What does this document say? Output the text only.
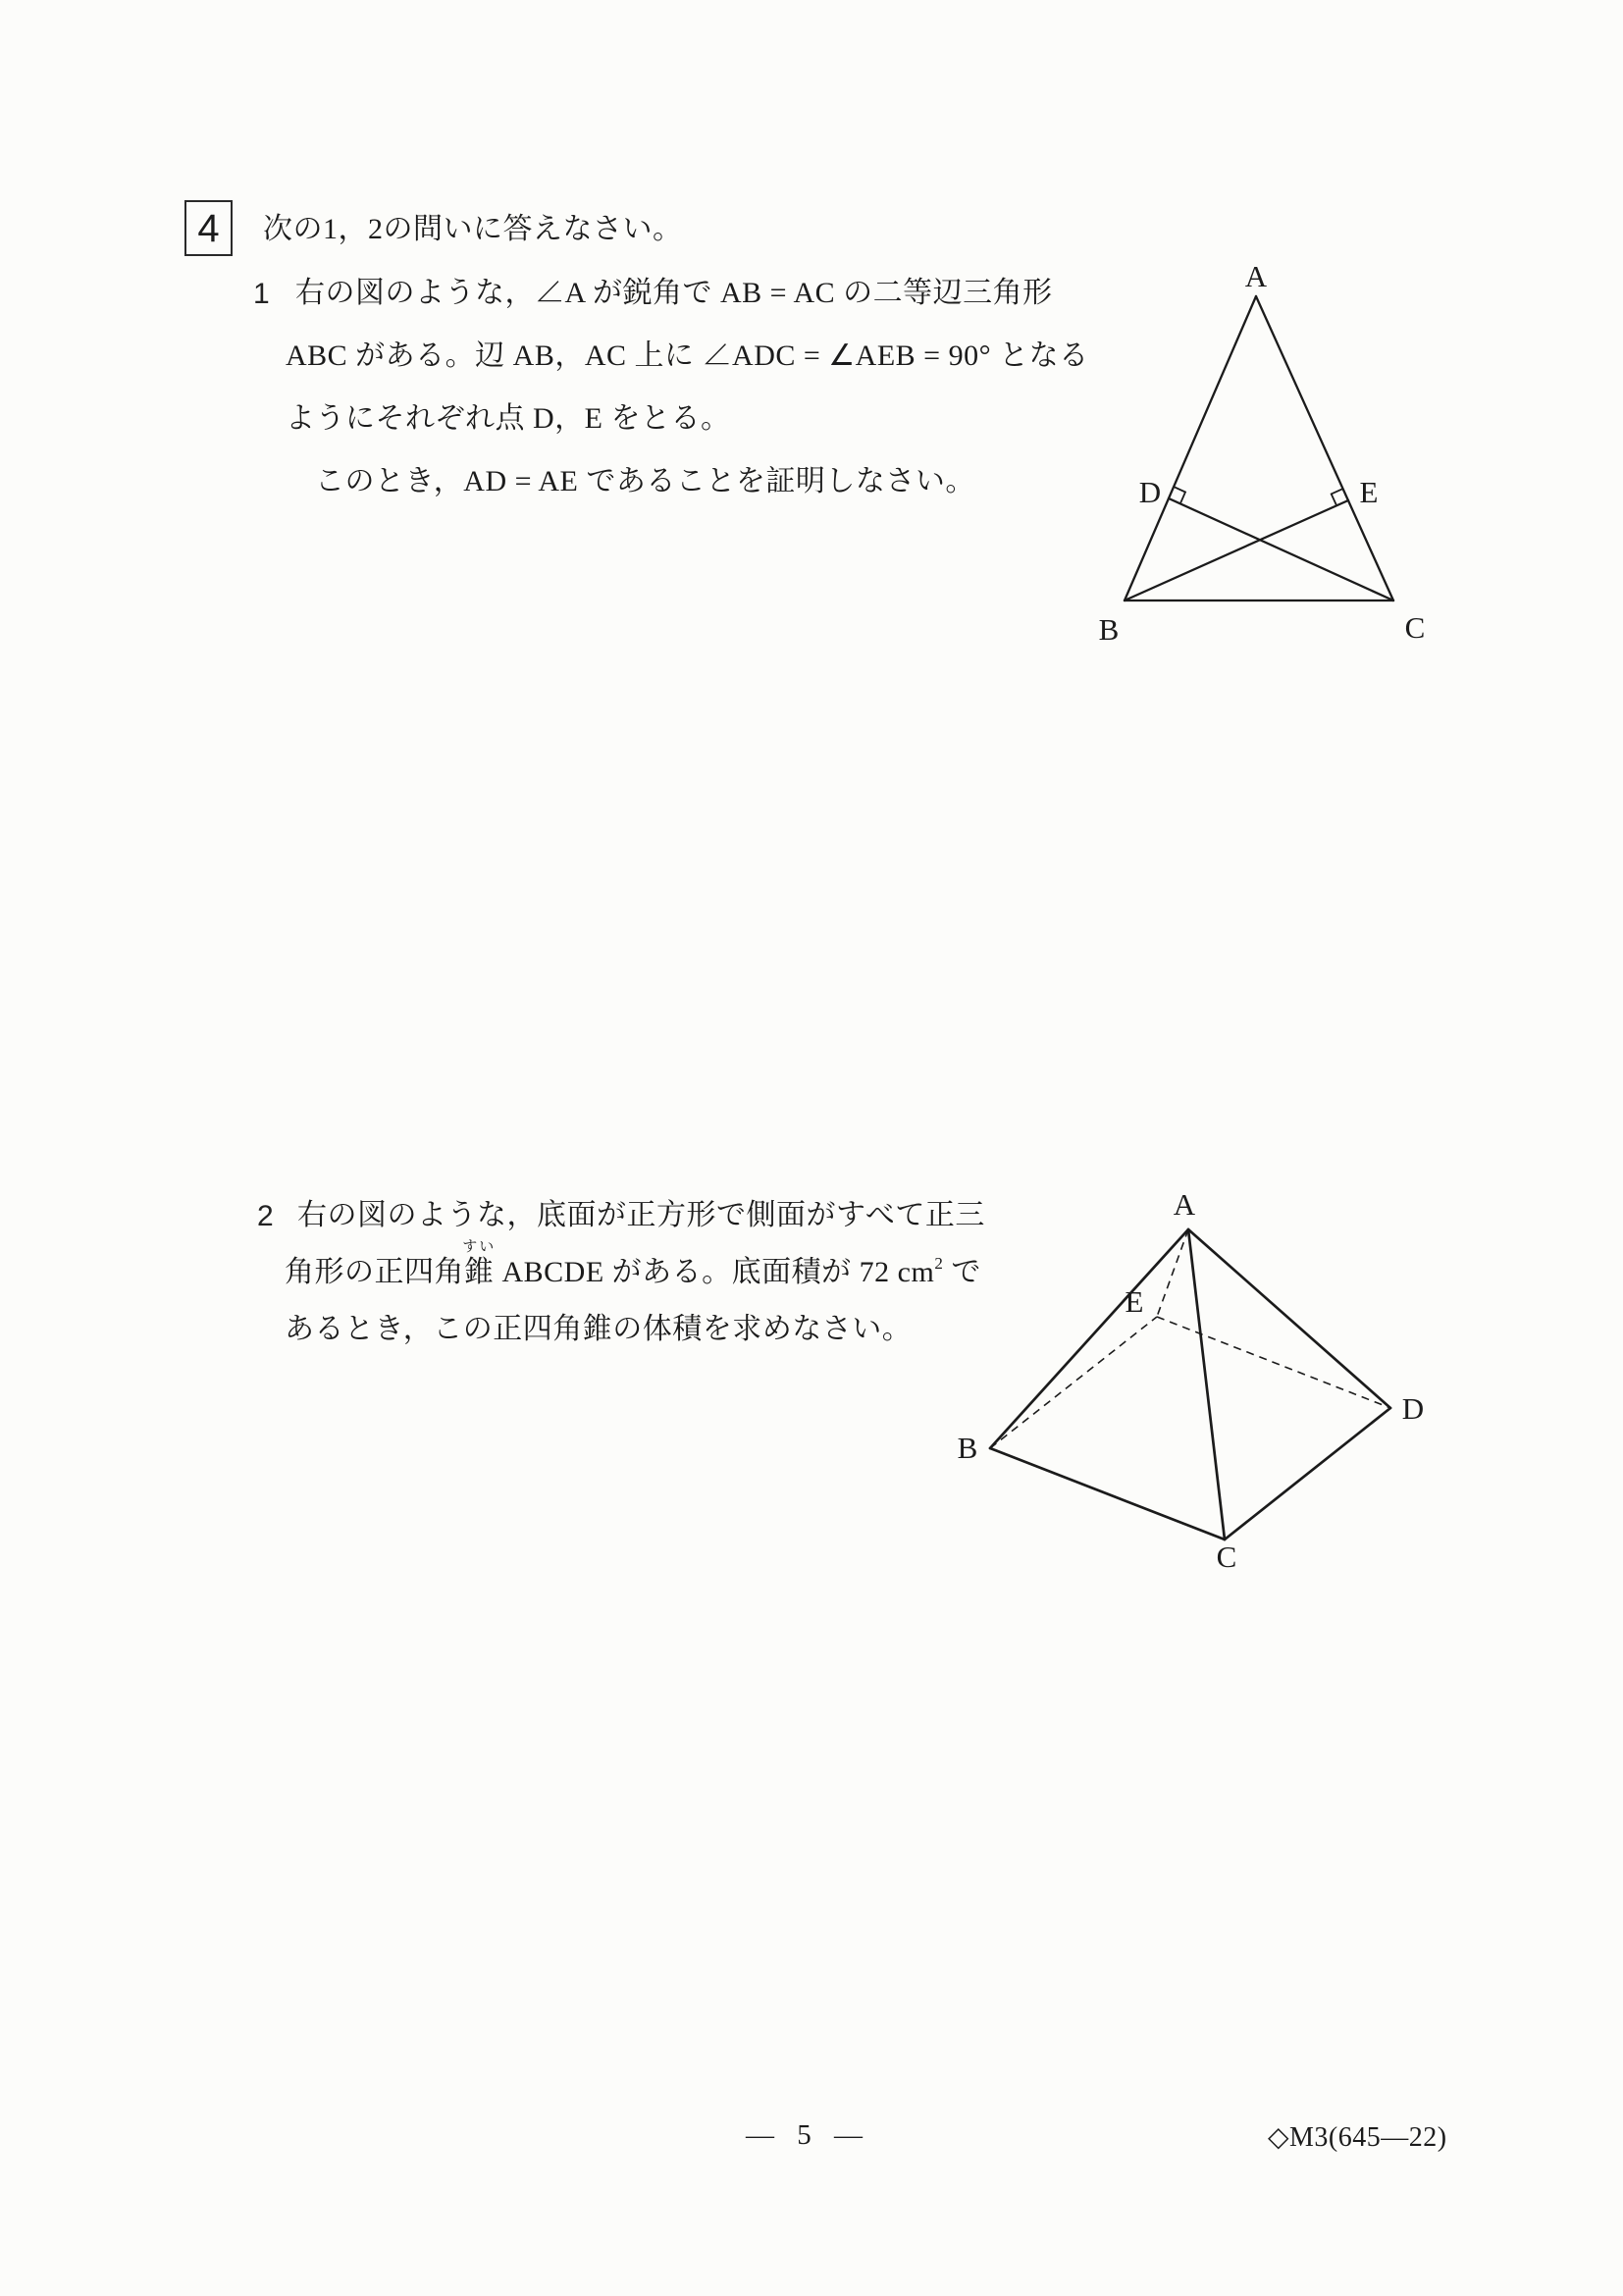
4 次の1，2の問いに答えなさい。
1 右の図のような，∠A が鋭角で AB = AC の二等辺三角形
ABC がある。辺 AB，AC 上に ∠ADC = ∠AEB = 90° となる
ようにそれぞれ点 D，E をとる。
このとき，AD = AE であることを証明しなさい。
A
B	C
D	E
2 右の図のような，底面が正方形で側面がすべて正三
角形の正四角
すい
錐 ABCDE がある。底面積が 72 $cm^2$ で
あるとき，この正四角錐の体積を求めなさい。
A
B
C
D
E
— 5 —	◇M3(645—22)
